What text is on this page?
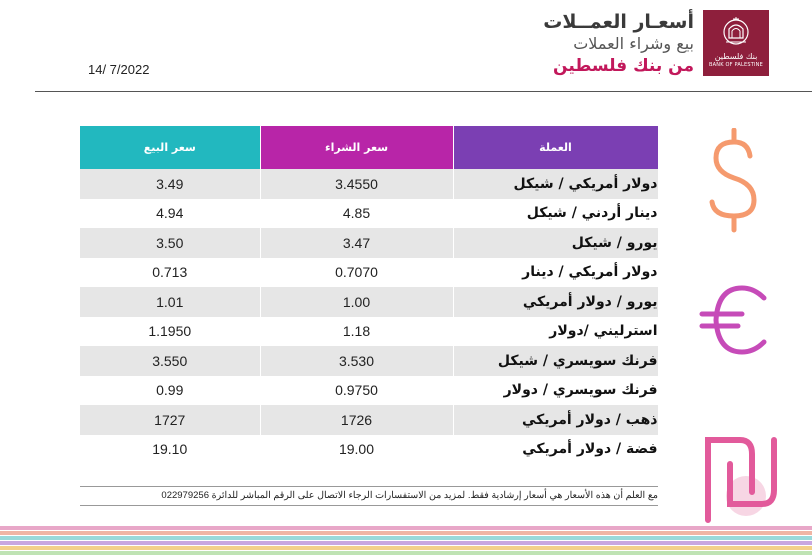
14/ 7/2022
أسعـار العمــلات
بيع وشراء العملات
من بنك فلسطين	بنك فلسطين
BANK OF PALESTINE
سعر البيع	سعر الشراء	العملة
3.49	3.4550	دولار أمريكي / شيكل
4.94	4.85	دينار أردني / شيكل
3.50	3.47	يورو / شيكل
0.713	0.7070	دولار أمريكي / دينار
1.01	1.00	يورو / دولار أمريكي
1.1950	1.18	استرليني /دولار
3.550	3.530	فرنك سويسري / شيكل
0.99	0.9750	فرنك سويسري / دولار
1727	1726	ذهب / دولار أمريكي
19.10	19.00	فضة / دولار أمريكي
مع العلم أن هذه الأسعار هي أسعار إرشادية فقط. لمزيد من الاستفسارات الرجاء الاتصال على الرقم المباشر للدائرة 022979256
